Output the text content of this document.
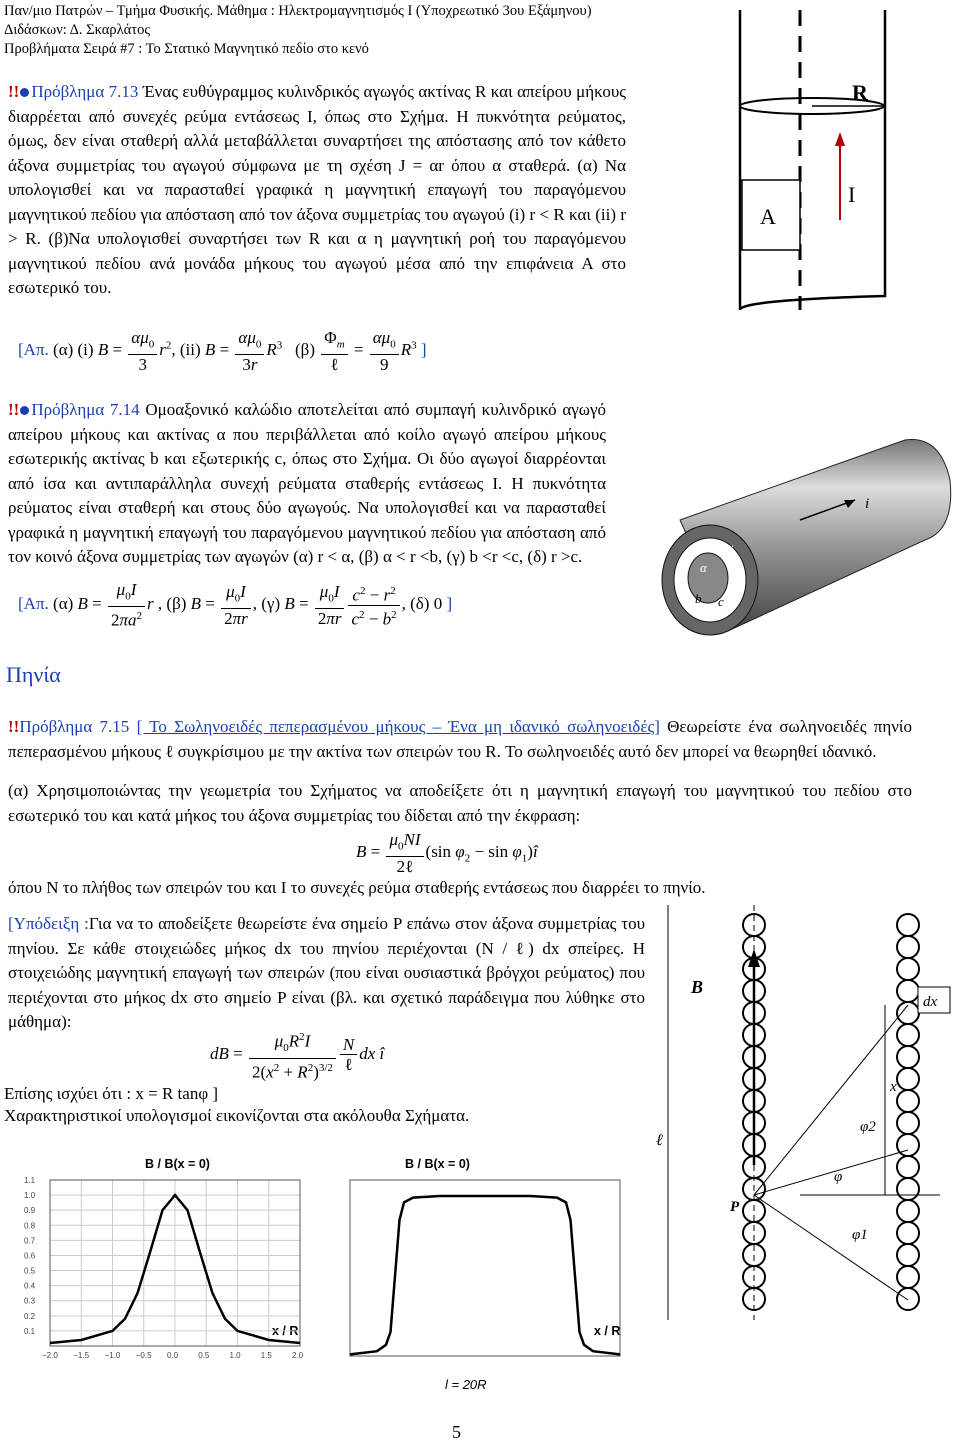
Παν/μιο Πατρών – Τμήμα Φυσικής. Μάθημα : Ηλεκτρομαγνητισμός Ι (Υποχρεωτικό 3ου Εξάμηνου)
Διδάσκων: Δ. Σκαρλάτος
Προβλήματα Σειρά #7 : Το Στατικό Μαγνητικό πεδίο στο κενό
!! Πρόβλημα 7.13 Ένας ευθύγραμμος κυλινδρικός αγωγός ακτίνας R και απείρου μήκους διαρρέεται από συνεχές ρεύμα εντάσεως Ι, όπως στο Σχήμα. Η πυκνότητα ρεύματος, όμως, δεν είναι σταθερή αλλά μεταβάλλεται συναρτήσει της απόστασης από τον κάθετο άξονα συμμετρίας του αγωγού σύμφωνα με τη σχέση J = αr όπου α σταθερά. (α) Να υπολογισθεί και να παρασταθεί γραφικά η μαγνητική επαγωγή του παραγόμενου μαγνητικού πεδίου για απόσταση από τον άξονα συμμετρίας του αγωγού (i) r < R και (ii) r > R. (β)Να υπολογισθεί συναρτήσει των R και α η μαγνητική ροή του παραγόμενου μαγνητικού πεδίου ανά μονάδα μήκους του αγωγού μέσα από την επιφάνεια Α στο εσωτερικό του.
R
A
I
[Απ. (α) (i) $B = \frac{\alpha\mu_0}{3} r^2$, (ii) $B = \frac{\alpha\mu_0}{3r} R^3$   $(\beta) \frac{\Phi_m}{\text{ℓ}} = \frac{\alpha\mu_0}{9} R^3$ ]
!! Πρόβλημα 7.14 Ομοαξονικό καλώδιο αποτελείται από συμπαγή κυλινδρικό αγωγό απείρου μήκους και ακτίνας α που περιβάλλεται από κοίλο αγωγό απείρου μήκους εσωτερικής ακτίνας b και εξωτερικής c, όπως στο Σχήμα. Οι δύο αγωγοί διαρρέονται από ίσα και αντιπαράλληλα συνεχή ρεύματα σταθερής εντάσεως Ι. Η πυκνότητα ρεύματος είναι σταθερή και στους δύο αγωγούς. Να υπολογισθεί και να παρασταθεί γραφικά η μαγνητική επαγωγή του παραγόμενου μαγνητικού πεδίου για απόσταση από τον κοινό άξονα συμμετρίας των αγωγών (α) r < α, (β) α < r <b, (γ) b <r <c, (δ) r >c.
i
α
b c
i
[Απ. (α) $B = \frac{\mu_0I}{2\pi a^2}$ r , (β) $B = \frac{\mu_0I}{2\pi r}$ , (γ) $B = \frac{\mu_0I}{2\pi r} \frac{c^2 - r^2}{c^2 - b^2}$ , (δ) 0 ]
Πηνία
!!Πρόβλημα 7.15 [ Το Σωληνοειδές πεπερασμένου μήκους – Ένα μη ιδανικό σωληνοειδές] Θεωρείστε ένα σωληνοειδές πηνίο πεπερασμένου μήκους ℓ συγκρίσιμου με την ακτίνα των σπειρών του R. Το σωληνοειδές αυτό δεν μπορεί να θεωρηθεί ιδανικό.
(α) Χρησιμοποιώντας την γεωμετρία του Σχήματος να αποδείξετε ότι η μαγνητική επαγωγή του μαγνητικού του πεδίου στο εσωτερικό του και κατά μήκος του άξονα συμμετρίας του δίδεται από την έκφραση:
$B = \frac{\mu_0NI}{\text{2ℓ}} (\sin$ $\varphi_2 - \sin$ $\varphi_1)î$
όπου N το πλήθος των σπειρών του και I το συνεχές ρεύμα σταθερής εντάσεως που διαρρέει το πηνίο.
[Υπόδειξη :Για να το αποδείξετε θεωρείστε ένα σημείο P επάνω στον άξονα συμμετρίας του πηνίου. Σε κάθε στοιχειώδες μήκος dx του πηνίου περιέχονται (N / ℓ) dx σπείρες. Η στοιχειώδης μαγνητική επαγωγή των σπειρών (που είναι ουσιαστικά βρόγχοι ρεύματος) που περιέχονται στο μήκος dx στο σημείο P είναι (βλ. και σχετικό παράδειγμα που λύθηκε στο μάθημα):
dB = $\frac{\mu_0R^2I}{2(x^2 + R^2)^{3/2}} \frac{N}{\text{ℓ}}$ dx î
Επίσης ισχύει ότι : x = R tanφ ]
Χαρακτηριστικοί υπολογισμοί εικονίζονται στα ακόλουθα Σχήματα.
B
dx
φ2
φ
φ1
x
ℓ
P
B / B(x = 0)
x / R
1.1
1.0
0.9
0.8
0.7
0.6
0.5
0.4
0.3
0.2
0.1
−2.0 −1.5 −1.0 −0.5 0.0	0.5	1.0	1.5	2.0
B / B(x = 0)
x / R
l = 20R
5
